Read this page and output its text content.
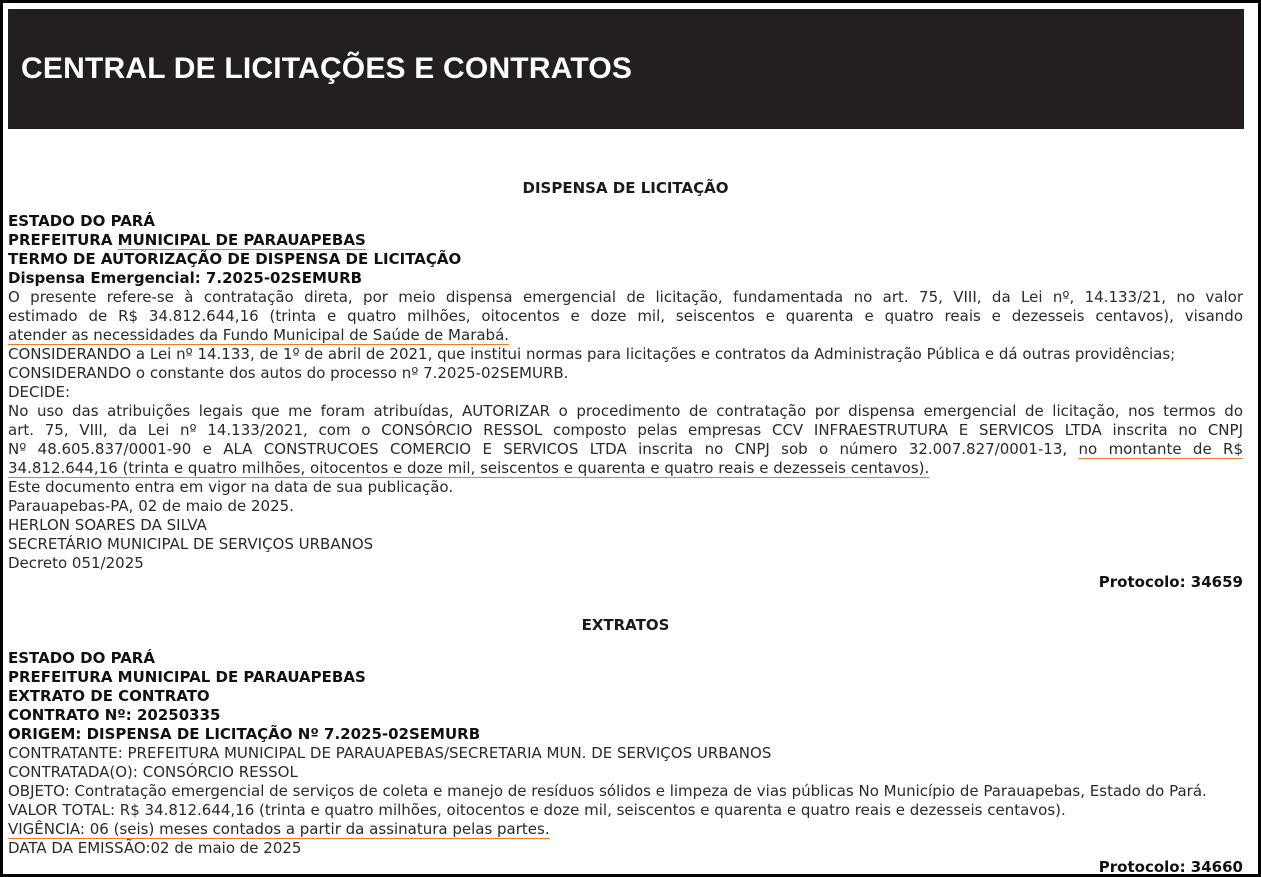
CENTRAL DE LICITAÇÕES E CONTRATOS
DISPENSA DE LICITAÇÃO
ESTADO DO PARÁ
PREFEITURA MUNICIPAL DE PARAUAPEBAS
TERMO DE AUTORIZAÇÃO DE DISPENSA DE LICITAÇÃO
Dispensa Emergencial: 7.2025-02SEMURB
O presente refere-se à contratação direta, por meio dispensa emergencial de licitação, fundamentada no art. 75, VIII, da Lei nº, 14.133/21, no valor
estimado de R$ 34.812.644,16 (trinta e quatro milhões, oitocentos e doze mil, seiscentos e quarenta e quatro reais e dezesseis centavos), visando
atender as necessidades da Fundo Municipal de Saúde de Marabá.
CONSIDERANDO a Lei nº 14.133, de 1º de abril de 2021, que institui normas para licitações e contratos da Administração Pública e dá outras providências;
CONSIDERANDO o constante dos autos do processo nº 7.2025-02SEMURB.
DECIDE:
No uso das atribuições legais que me foram atribuídas, AUTORIZAR o procedimento de contratação por dispensa emergencial de licitação, nos termos do
art. 75, VIII, da Lei nº 14.133/2021, com o CONSÓRCIO RESSOL composto pelas empresas CCV INFRAESTRUTURA E SERVICOS LTDA inscrita no CNPJ
Nº 48.605.837/0001-90 e ALA CONSTRUCOES COMERCIO E SERVICOS LTDA inscrita no CNPJ sob o número 32.007.827/0001-13, no montante de R$
34.812.644,16 (trinta e quatro milhões, oitocentos e doze mil, seiscentos e quarenta e quatro reais e dezesseis centavos).
Este documento entra em vigor na data de sua publicação.
Parauapebas-PA, 02 de maio de 2025.
HERLON SOARES DA SILVA
SECRETÁRIO MUNICIPAL DE SERVIÇOS URBANOS
Decreto 051/2025
Protocolo: 34659
EXTRATOS
ESTADO DO PARÁ
PREFEITURA MUNICIPAL DE PARAUAPEBAS
EXTRATO DE CONTRATO
CONTRATO Nº: 20250335
ORIGEM: DISPENSA DE LICITAÇÃO Nº 7.2025-02SEMURB
CONTRATANTE: PREFEITURA MUNICIPAL DE PARAUAPEBAS/SECRETARIA MUN. DE SERVIÇOS URBANOS
CONTRATADA(O): CONSÓRCIO RESSOL
OBJETO: Contratação emergencial de serviços de coleta e manejo de resíduos sólidos e limpeza de vias públicas No Município de Parauapebas, Estado do Pará.
VALOR TOTAL: R$ 34.812.644,16 (trinta e quatro milhões, oitocentos e doze mil, seiscentos e quarenta e quatro reais e dezesseis centavos).
VIGÊNCIA: 06 (seis) meses contados a partir da assinatura pelas partes.
DATA DA EMISSÃO:02 de maio de 2025
Protocolo: 34660
